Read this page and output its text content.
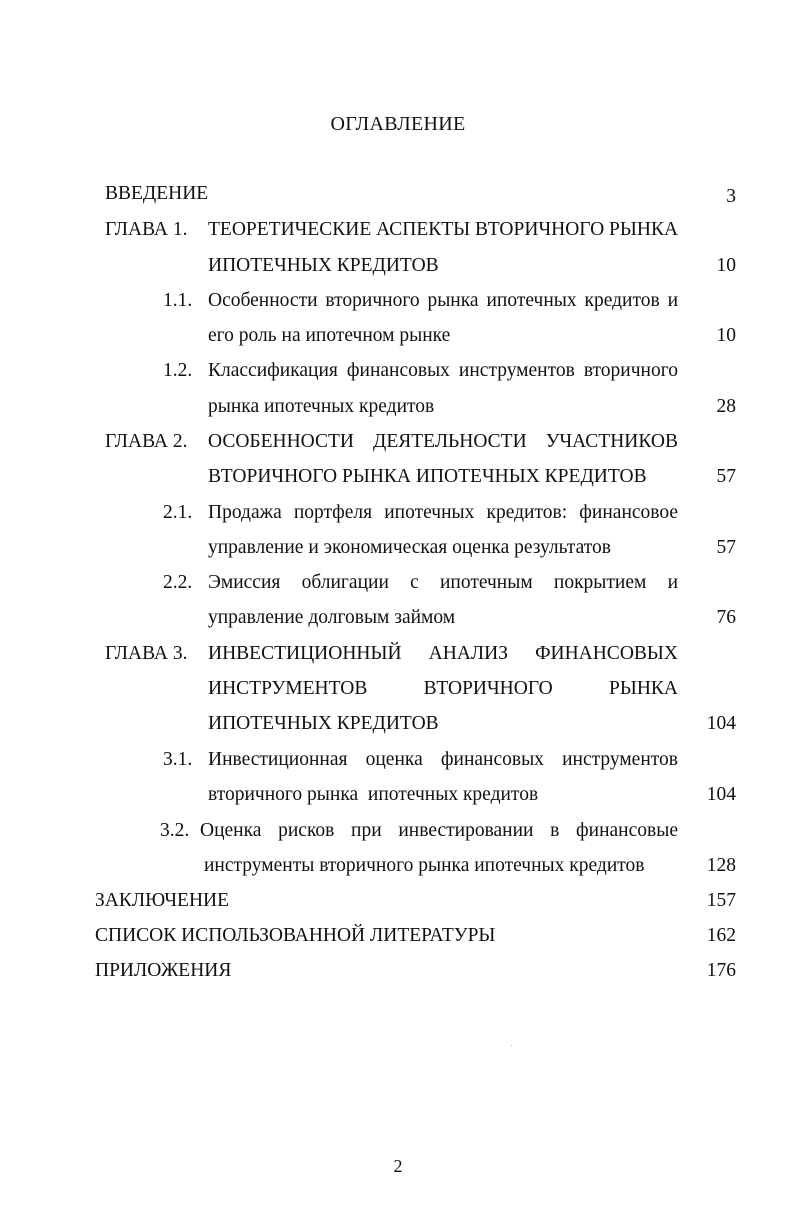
ОГЛАВЛЕНИЕ
ВВЕДЕНИЕ	3
ГЛАВА 1. ТЕОРЕТИЧЕСКИЕ АСПЕКТЫ ВТОРИЧНОГО РЫНКА
ИПОТЕЧНЫХ КРЕДИТОВ	10
1.1. Особенности вторичного рынка ипотечных кредитов и
его роль на ипотечном рынке	10
1.2. Классификация финансовых инструментов вторичного
рынка ипотечных кредитов	28
ГЛАВА 2. ОСОБЕННОСТИ ДЕЯТЕЛЬНОСТИ УЧАСТНИКОВ
ВТОРИЧНОГО РЫНКА ИПОТЕЧНЫХ КРЕДИТОВ	57
2.1. Продажа портфеля ипотечных кредитов: финансовое
управление и экономическая оценка результатов	57
2.2. Эмиссия облигации с ипотечным покрытием и
управление долговым займом	76
ГЛАВА 3. ИНВЕСТИЦИОННЫЙ АНАЛИЗ ФИНАНСОВЫХ
ИНСТРУМЕНТОВ ВТОРИЧНОГО РЫНКА
ИПОТЕЧНЫХ КРЕДИТОВ	104
3.1. Инвестиционная оценка финансовых инструментов
вторичного рынка  ипотечных кредитов	104
3.2. Оценка рисков при инвестировании в финансовые
инструменты вторичного рынка ипотечных кредитов	128
ЗАКЛЮЧЕНИЕ	157
СПИСОК ИСПОЛЬЗОВАННОЙ ЛИТЕРАТУРЫ	162
ПРИЛОЖЕНИЯ	176
2
